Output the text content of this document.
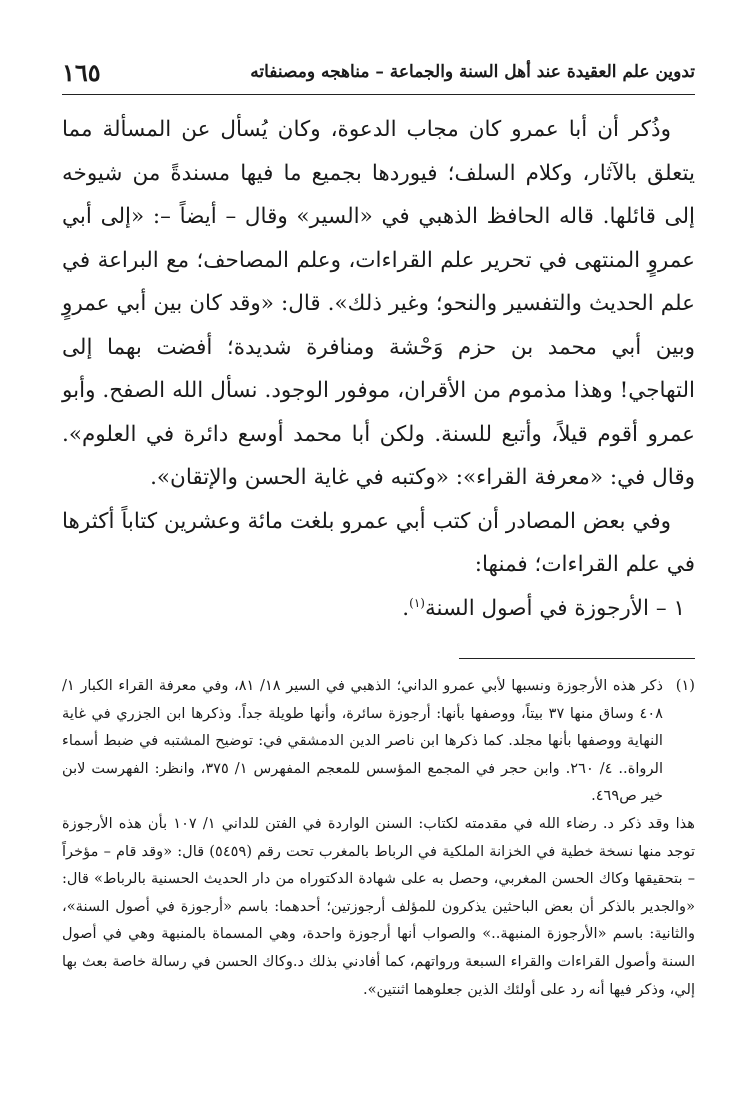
تدوين علم العقيدة عند أهل السنة والجماعة – مناهجه ومصنفاته
١٦٥

وذُكر أن أبا عمرو كان مجاب الدعوة، وكان يُسأل عن المسألة مما يتعلق بالآثار، وكلام السلف؛ فيوردها بجميع ما فيها مسندةً من شيوخه إلى قائلها. قاله الحافظ الذهبي في «السير» وقال – أيضاً –: «إلى أبي عمروٍ المنتهى في تحرير علم القراءات، وعلم المصاحف؛ مع البراعة في علم الحديث والتفسير والنحو؛ وغير ذلك». قال: «وقد كان بين أبي عمروٍ وبين أبي محمد بن حزم وَحْشة ومنافرة شديدة؛ أفضت بهما إلى التهاجي! وهذا مذموم من الأقران، موفور الوجود. نسأل الله الصفح. وأبو عمرو أقوم قيلاً، وأتبع للسنة. ولكن أبا محمد أوسع دائرة في العلوم». وقال في: «معرفة القراء»: «وكتبه في غاية الحسن والإتقان».

وفي بعض المصادر أن كتب أبي عمرو بلغت مائة وعشرين كتاباً أكثرها في علم القراءات؛ فمنها:

١ – الأرجوزة في أصول السنة$^{(١)}$.

(١)
ذكر هذه الأرجوزة ونسبها لأبي عمرو الداني؛ الذهبي في السير ١٨/ ٨١، وفي معرفة القراء الكبار ١/ ٤٠٨ وساق منها ٣٧ بيتاً، ووصفها بأنها: أرجوزة سائرة، وأنها طويلة جداً. وذكرها ابن الجزري في غاية النهاية ووصفها بأنها مجلد. كما ذكرها ابن ناصر الدين الدمشقي في: توضيح المشتبه في ضبط أسماء الرواة.. ٤/ ٢٦٠. وابن حجر في المجمع المؤسس للمعجم المفهرس ١/ ٣٧٥، وانظر: الفهرست لابن خير ص٤٦٩.

هذا وقد ذكر د. رضاء الله في مقدمته لكتاب: السنن الواردة في الفتن للداني ١/ ١٠٧ بأن هذه الأرجوزة توجد منها نسخة خطية في الخزانة الملكية في الرباط بالمغرب تحت رقم (٥٤٥٩) قال: «وقد قام – مؤخراً – بتحقيقها وكاك الحسن المغربي، وحصل به على شهادة الدكتوراه من دار الحديث الحسنية بالرباط» قال: «والجدير بالذكر أن بعض الباحثين يذكرون للمؤلف أرجوزتين؛ أحدهما: باسم «أرجوزة في أصول السنة»، والثانية: باسم «الأرجوزة المنبهة..» والصواب أنها أرجوزة واحدة، وهي المسماة بالمنبهة وهي في أصول السنة وأصول القراءات والقراء السبعة ورواتهم، كما أفادني بذلك د.وكاك الحسن في رسالة خاصة بعث بها إلي، وذكر فيها أنه رد على أولئك الذين جعلوهما اثنتين».
